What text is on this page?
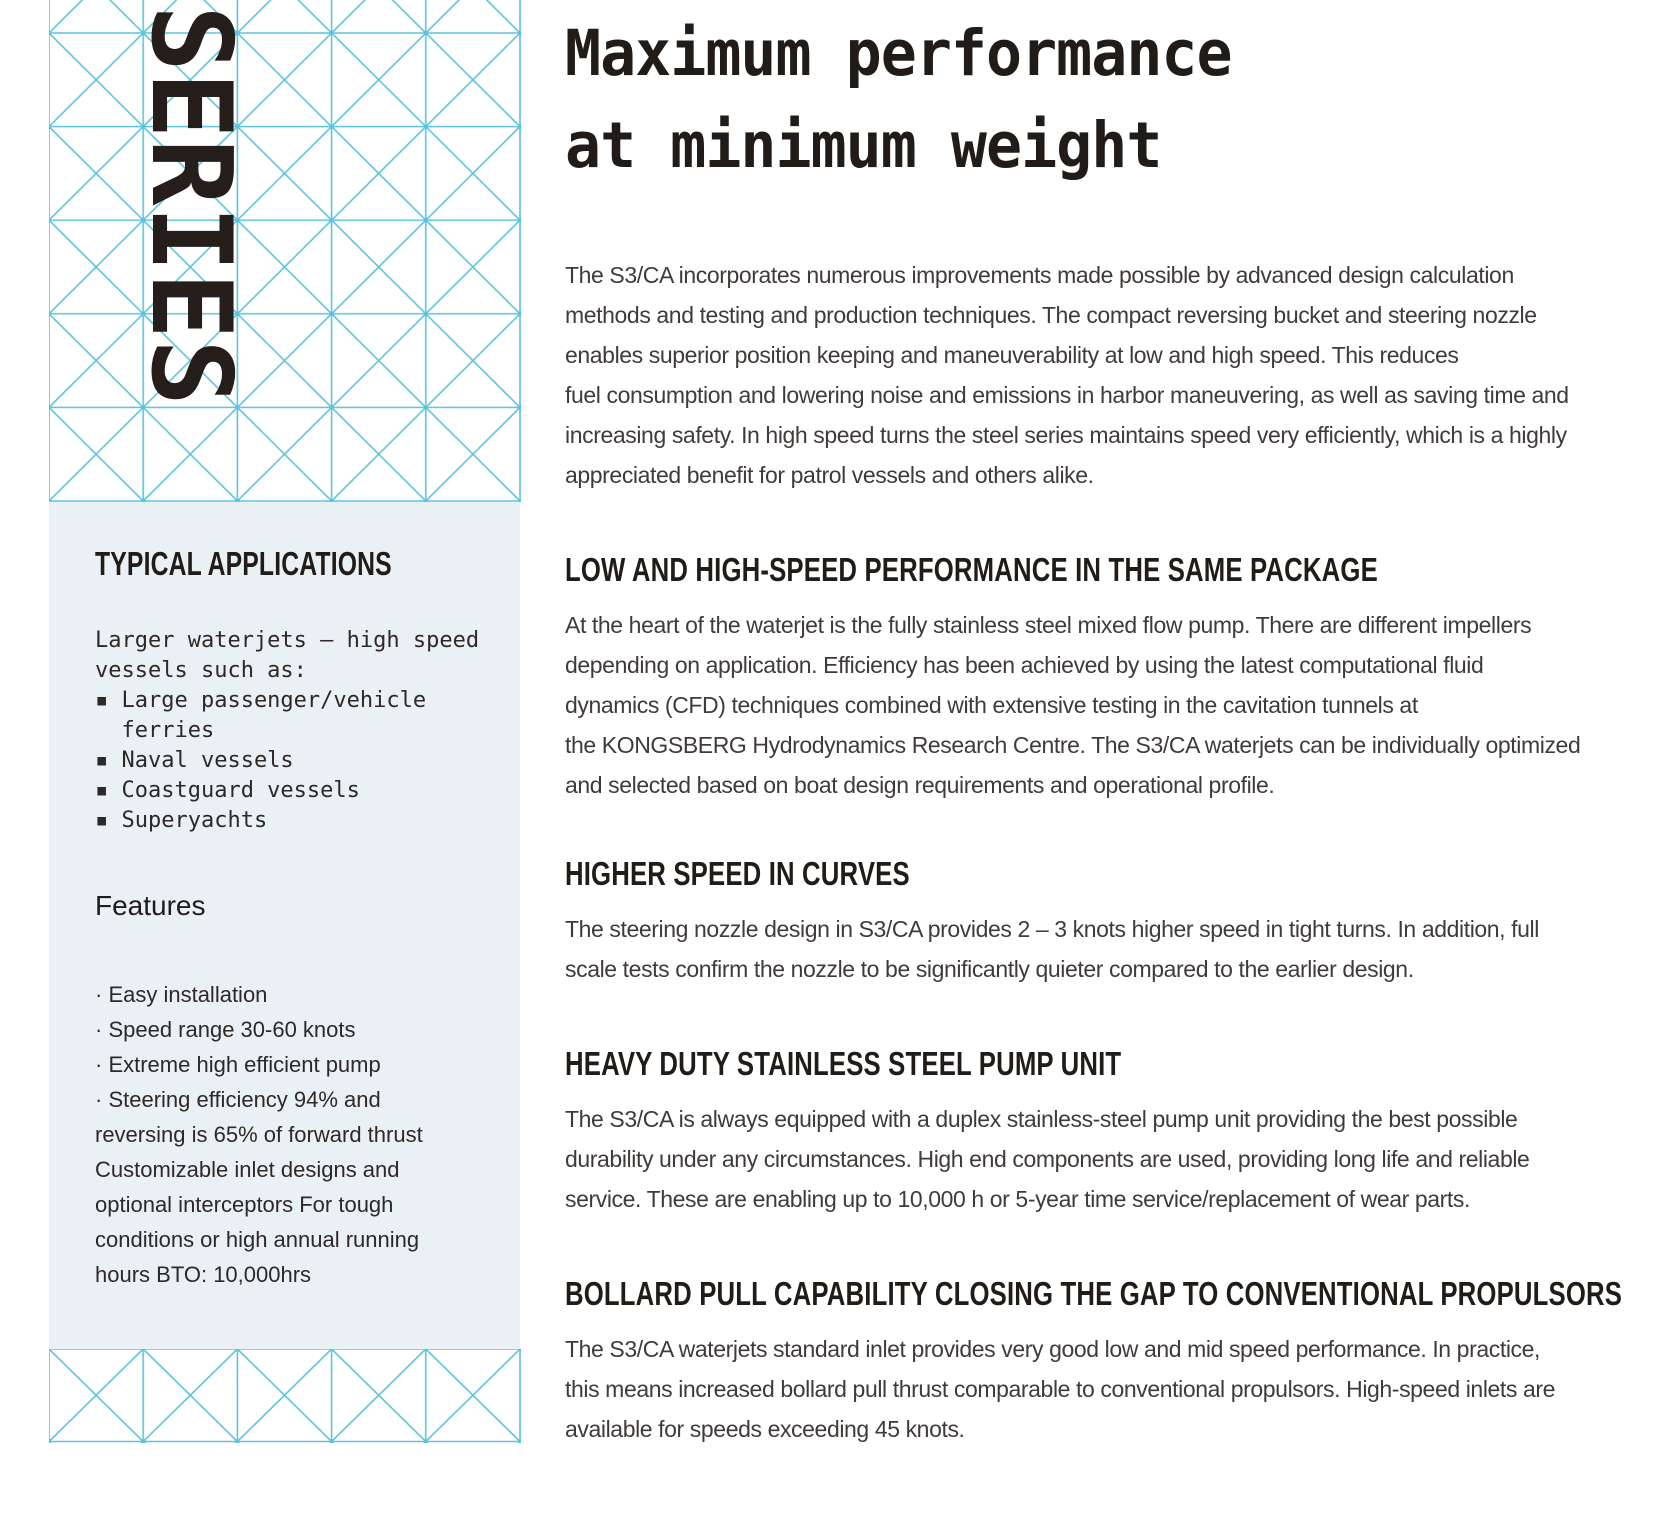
SERIES
TYPICAL APPLICATIONS
Larger waterjets – high speed
vessels such as:
▪ Large passenger/vehicle
ferries
▪ Naval vessels
▪ Coastguard vessels
▪ Superyachts
Features
· Easy installation
· Speed range 30-60 knots
· Extreme high efficient pump
· Steering efficiency 94% and
reversing is 65% of forward thrust
Customizable inlet designs and
optional interceptors For tough
conditions or high annual running
hours BTO: 10,000hrs
Maximum performance
at minimum weight
The S3/CA incorporates numerous improvements made possible by advanced design calculation
methods and testing and production techniques. The compact reversing bucket and steering nozzle
enables superior position keeping and maneuverability at low and high speed. This reduces
fuel consumption and lowering noise and emissions in harbor maneuvering, as well as saving time and
increasing safety. In high speed turns the steel series maintains speed very efficiently, which is a highly
appreciated benefit for patrol vessels and others alike.
LOW AND HIGH-SPEED PERFORMANCE IN THE SAME PACKAGE
At the heart of the waterjet is the fully stainless steel mixed flow pump. There are different impellers
depending on application. Efficiency has been achieved by using the latest computational fluid
dynamics (CFD) techniques combined with extensive testing in the cavitation tunnels at
the KONGSBERG Hydrodynamics Research Centre. The S3/CA waterjets can be individually optimized
and selected based on boat design requirements and operational profile.
HIGHER SPEED IN CURVES
The steering nozzle design in S3/CA provides 2 – 3 knots higher speed in tight turns. In addition, full
scale tests confirm the nozzle to be significantly quieter compared to the earlier design.
HEAVY DUTY STAINLESS STEEL PUMP UNIT
The S3/CA is always equipped with a duplex stainless-steel pump unit providing the best possible
durability under any circumstances. High end components are used, providing long life and reliable
service. These are enabling up to 10,000 h or 5-year time service/replacement of wear parts.
BOLLARD PULL CAPABILITY CLOSING THE GAP TO CONVENTIONAL PROPULSORS
The S3/CA waterjets standard inlet provides very good low and mid speed performance. In practice,
this means increased bollard pull thrust comparable to conventional propulsors. High-speed inlets are
available for speeds exceeding 45 knots.
